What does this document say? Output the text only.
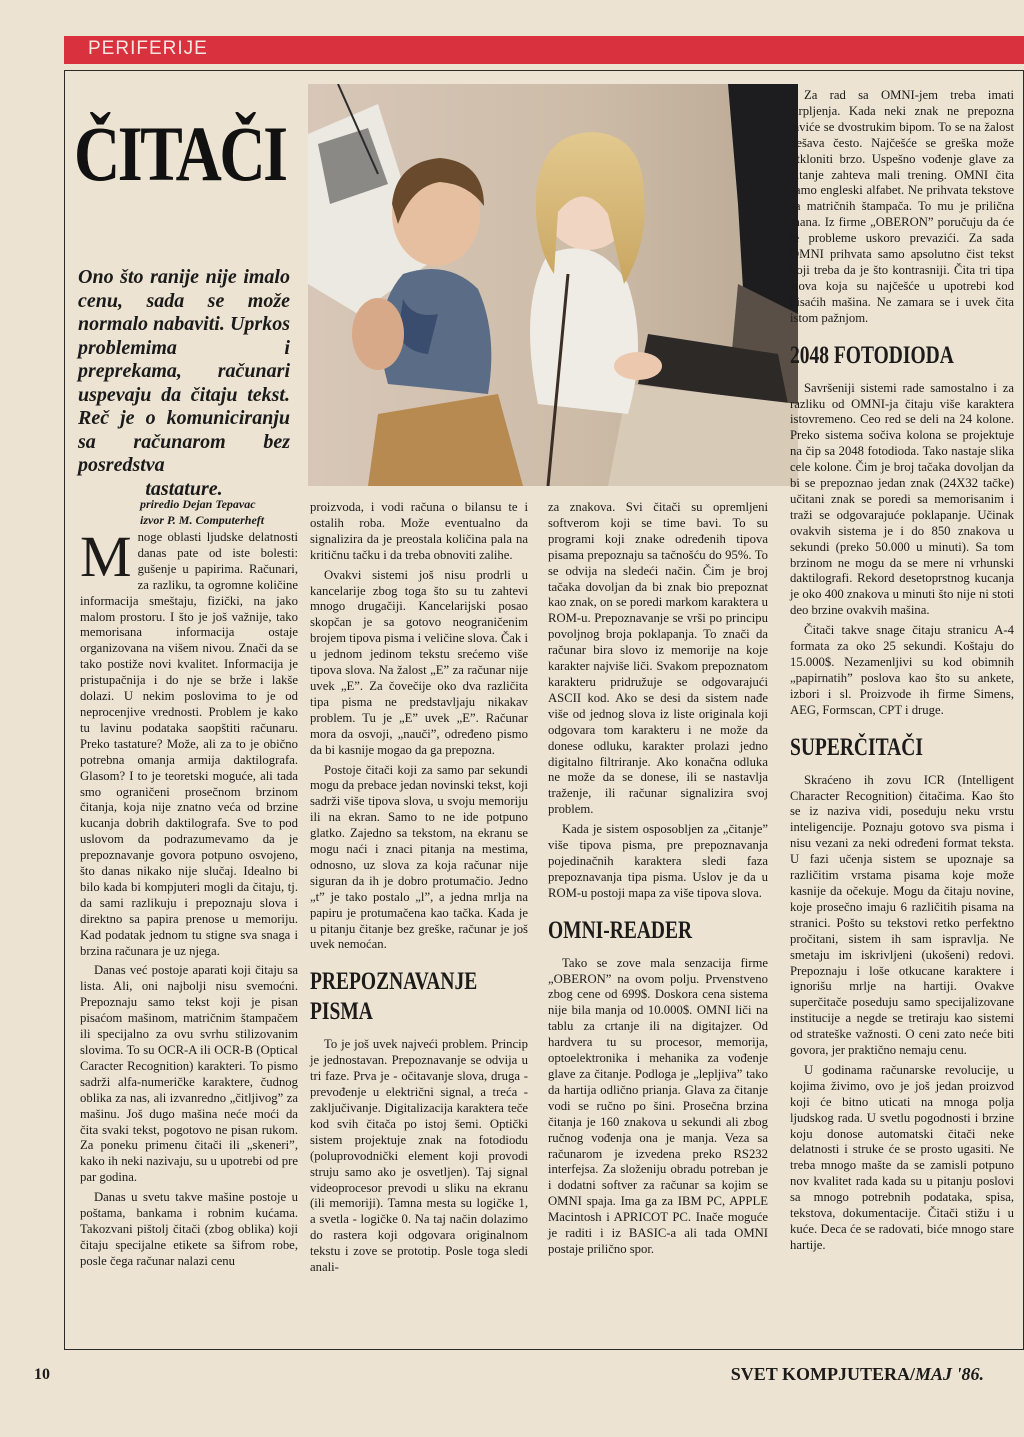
PERIFERIJE
ČITAČI
Ono što ranije nije imalo cenu, sada se može normalo nabaviti. Uprkos problemima i preprekama, računari uspevaju da čitaju tekst. Reč je o komuniciranju sa računarom bez posredstva
tastature.
priredio Dejan Tepavac
izvor P. M. Computerheft

M noge oblasti ljudske delatnosti danas pate od iste bolesti: gušenje u papirima. Računari, za razliku, ta ogromne količine informacija smeštaju, fizički, na jako malom prostoru. I što je još važnije, tako memorisana informacija ostaje organizovana na višem nivou. Znači da se tako postiže novi kvalitet. Informacija je pristupačnija i do nje se brže i lakše dolazi. U nekim poslovima to je od neprocenjive vrednosti. Problem je kako tu lavinu podataka saopštiti računaru. Preko tastature? Može, ali za to je obično potrebna omanja armija daktilografa. Glasom? I to je teoretski moguće, ali tada smo ograničeni prosečnom brzinom čitanja, koja nije znatno veća od brzine kucanja dobrih daktilografa. Sve to pod uslovom da podrazumevamo da je prepoznavanje govora potpuno osvojeno, što danas nikako nije slučaj. Idealno bi bilo kada bi kompjuteri mogli da čitaju, tj. da sami razlikuju i prepoznaju slova i direktno sa papira prenose u memoriju. Kad podatak jednom tu stigne sva snaga i brzina računara je uz njega.

Danas već postoje aparati koji čitaju sa lista. Ali, oni najbolji nisu svemoćni. Prepoznaju samo tekst koji je pisan pisaćom mašinom, matričnim štampačem ili specijalno za ovu svrhu stilizovanim slovima. To su OCR-A ili OCR-B (Optical Caracter Recognition) karakteri. To pismo sadrži alfa-numeričke karaktere, čudnog oblika za nas, ali izvanredno „čitljivog” za mašinu. Još dugo mašina neće moći da čita svaki tekst, pogotovo ne pisan rukom. Za poneku primenu čitači ili „skeneri”, kako ih neki nazivaju, su u upotrebi od pre par godina.

Danas u svetu takve mašine postoje u poštama, bankama i robnim kućama. Takozvani pištolj čitači (zbog oblika) koji čitaju specijalne etikete sa šifrom robe, posle čega računar nalazi cenu

proizvoda, i vodi računa o bilansu te i ostalih roba. Može eventualno da signalizira da je preostala količina pala na kritičnu tačku i da treba obnoviti zalihe.

Ovakvi sistemi još nisu prodrli u kancelarije zbog toga što su tu zahtevi mnogo drugačiji. Kancelarijski posao skopčan je sa gotovo neograničenim brojem tipova pisma i veličine slova. Čak i u jednom jedinom tekstu srećemo više tipova slova. Na žalost „E” za računar nije uvek „E”. Za čovečije oko dva različita tipa pisma ne predstavljaju nikakav problem. Tu je „E” uvek „E”. Računar mora da osvoji, „nauči”, određeno pismo da bi kasnije mogao da ga prepozna.

Postoje čitači koji za samo par sekundi mogu da prebace jedan novinski tekst, koji sadrži više tipova slova, u svoju memoriju ili na ekran. Samo to ne ide potpuno glatko. Zajedno sa tekstom, na ekranu se mogu naći i znaci pitanja na mestima, odnosno, uz slova za koja računar nije siguran da ih je dobro protumačio. Jedno „t” je tako postalo „l”, a jedna mrlja na papiru je protumačena kao tačka. Kada je u pitanju čitanje bez greške, računar je još uvek nemoćan.

PREPOZNAVANJE PISMA

To je još uvek najveći problem. Princip je jednostavan. Prepoznavanje se odvija u tri faze. Prva je - očitavanje slova, druga - prevođenje u električni signal, a treća - zaključivanje. Digitalizacija karaktera teče kod svih čitača po istoj šemi. Optički sistem projektuje znak na fotodiodu (poluprovodnički element koji provodi struju samo ako je osvetljen). Taj signal videoprocesor prevodi u sliku na ekranu (ili memoriji). Tamna mesta su logičke 1, a svetla - logičke 0. Na taj način dolazimo do rastera koji odgovara originalnom tekstu i zove se prototip. Posle toga sledi anali-

za znakova. Svi čitači su opremljeni softverom koji se time bavi. To su programi koji znake određenih tipova pisama prepoznaju sa tačnošću do 95%. To se odvija na sledeći način. Čim je broj tačaka dovoljan da bi znak bio prepoznat kao znak, on se poredi markom karaktera u ROM-u. Prepoznavanje se vrši po principu povoljnog broja poklapanja. To znači da računar bira slovo iz memorije na koje karakter najviše liči. Svakom prepoznatom karakteru pridružuje se odgovarajući ASCII kod. Ako se desi da sistem nađe više od jednog slova iz liste originala koji odgovara tom karakteru i ne može da donese odluku, karakter prolazi jedno digitalno filtriranje. Ako konačna odluka ne može da se donese, ili se nastavlja traženje, ili računar signalizira svoj problem.

Kada je sistem osposobljen za „čitanje” više tipova pisma, pre prepoznavanja pojedinačnih karaktera sledi faza prepoznavanja tipa pisma. Uslov je da u ROM-u postoji mapa za više tipova slova.

OMNI-READER

Tako se zove mala senzacija firme „OBERON” na ovom polju. Prvenstveno zbog cene od 699$. Doskora cena sistema nije bila manja od 10.000$. OMNI liči na tablu za crtanje ili na digitajzer. Od hardvera tu su procesor, memorija, optoelektronika i mehanika za vođenje glave za čitanje. Podloga je „lepljiva” tako da hartija odlično prianja. Glava za čitanje vodi se ručno po šini. Prosečna brzina čitanja je 160 znakova u sekundi ali zbog ručnog vođenja ona je manja. Veza sa računarom je izvedena preko RS232 interfejsa. Za složeniju obradu potreban je i dodatni softver za računar sa kojim se OMNI spaja. Ima ga za IBM PC, APPLE Macintosh i APRICOT PC. Inače moguće je raditi i iz BASIC-a ali tada OMNI postaje prilično spor.

Za rad sa OMNI-jem treba imati strpljenja. Kada neki znak ne prepozna javiće se dvostrukim bipom. To se na žalost dešava često. Najčešće se greška može otkloniti brzo. Uspešno vođenje glave za čitanje zahteva mali trening. OMNI čita samo engleski alfabet. Ne prihvata tekstove sa matričnih štampača. To mu je prilična mana. Iz firme „OBERON” poručuju da će te probleme uskoro prevazići. Za sada OMNI prihvata samo apsolutno čist tekst koji treba da je što kontrasniji. Čita tri tipa slova koja su najčešće u upotrebi kod pisaćih mašina. Ne zamara se i uvek čita istom pažnjom.

2048 FOTODIODA

Savršeniji sistemi rade samostalno i za razliku od OMNI-ja čitaju više karaktera istovremeno. Ceo red se deli na 24 kolone. Preko sistema sočiva kolona se projektuje na čip sa 2048 fotodioda. Tako nastaje slika cele kolone. Čim je broj tačaka dovoljan da bi se prepoznao jedan znak (24X32 tačke) učitani znak se poredi sa memorisanim i traži se odgovarajuće poklapanje. Učinak ovakvih sistema je i do 850 znakova u sekundi (preko 50.000 u minuti). Sa tom brzinom ne mogu da se mere ni vrhunski daktilografi. Rekord desetoprstnog kucanja je oko 400 znakova u minuti što nije ni stoti deo brzine ovakvih mašina.

Čitači takve snage čitaju stranicu A-4 formata za oko 25 sekundi. Koštaju do 15.000$. Nezamenljivi su kod obimnih „papirnatih” poslova kao što su ankete, izbori i sl. Proizvode ih firme Simens, AEG, Formscan, CPT i druge.

SUPERČITAČI

Skraćeno ih zovu ICR (Intelligent Character Recognition) čitačima. Kao što se iz naziva vidi, poseduju neku vrstu inteligencije. Poznaju gotovo sva pisma i nisu vezani za neki određeni format teksta. U fazi učenja sistem se upoznaje sa različitim vrstama pisama koje može kasnije da očekuje. Mogu da čitaju novine, koje prosečno imaju 6 različitih pisama na stranici. Pošto su tekstovi retko perfektno pročitani, sistem ih sam ispravlja. Ne smetaju im iskrivljeni (ukošeni) redovi. Prepoznaju i loše otkucane karaktere i ignorišu mrlje na hartiji. Ovakve superčitače poseduju samo specijalizovane institucije a negde se tretiraju kao sistemi od strateške važnosti. O ceni zato neće biti govora, jer praktično nemaju cenu.

U godinama računarske revolucije, u kojima živimo, ovo je još jedan proizvod koji će bitno uticati na mnoga polja ljudskog rada. U svetlu pogodnosti i brzine koju donose automatski čitači neke delatnosti i struke će se prosto ugasiti. Ne treba mnogo mašte da se zamisli potpuno nov kvalitet rada kada su u pitanju poslovi sa mnogo potrebnih podataka, spisa, tekstova, dokumentacije. Čitači stižu i u kuće. Deca će se radovati, biće mnogo stare hartije.

10	SVET KOMPJUTERA/MAJ '86.
